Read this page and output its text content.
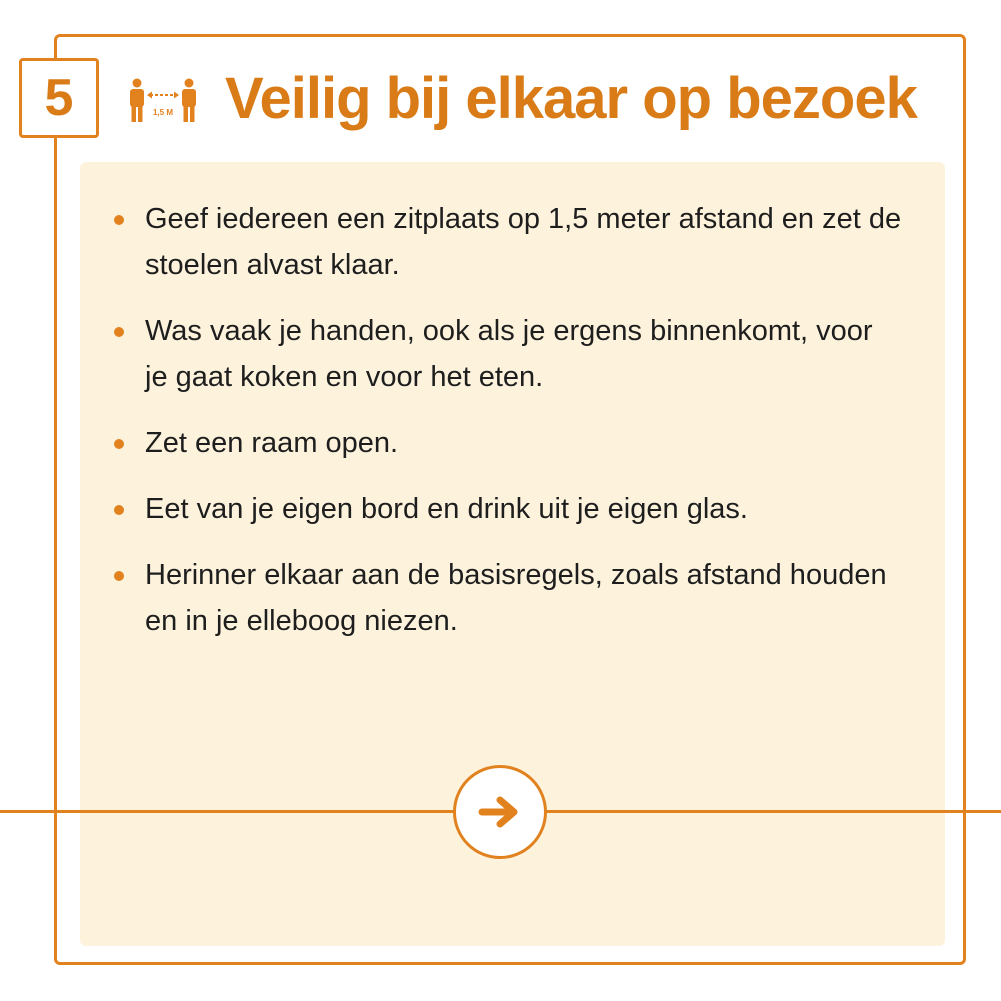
5	1,5 M Veilig bij elkaar op bezoek
Geef iedereen een zitplaats op 1,5 meter afstand en zet de stoelen alvast klaar.
Was vaak je handen, ook als je ergens binnenkomt, voor je gaat koken en voor het eten.
Zet een raam open.
Eet van je eigen bord en drink uit je eigen glas.
Herinner elkaar aan de basisregels, zoals afstand houden en in je elleboog niezen.
